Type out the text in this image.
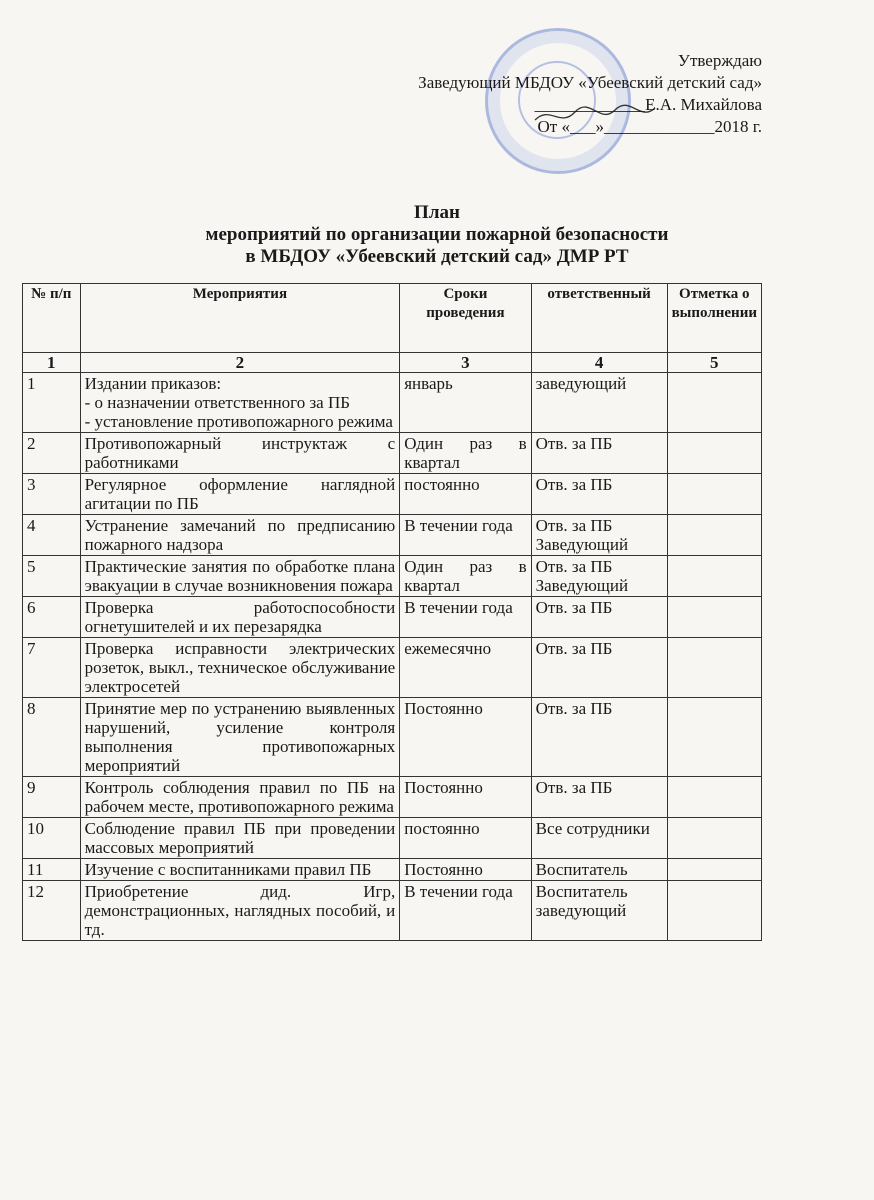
Утверждаю
Заведующий МБДОУ «Убеевский детский сад»
_____________Е.А. Михайлова
От «___»_____________2018 г.
План
мероприятий по организации пожарной безопасности
в МБДОУ «Убеевский детский сад» ДМР РТ
№ п/п	Мероприятия	Сроки проведения	ответственный	Отметка о выполнении
1	2	3	4	5
1	Издании приказов:
- о назначении ответственного за ПБ
- установление противопожарного режима	январь	заведующий	
2	Противопожарный инструктаж с работниками	Один раз в квартал	Отв. за ПБ	
3	Регулярное оформление наглядной агитации по ПБ	постоянно	Отв. за ПБ	
4	Устранение замечаний по предписанию пожарного надзора	В течении года	Отв. за ПБ
Заведующий	
5	Практические занятия по обработке плана эвакуации в случае возникновения пожара	Один раз в квартал	Отв. за ПБ
Заведующий	
6	Проверка работоспособности огнетушителей и их перезарядка	В течении года	Отв. за ПБ	
7	Проверка исправности электрических розеток, выкл., техническое обслуживание электросетей	ежемесячно	Отв. за ПБ	
8	Принятие мер по устранению выявленных нарушений, усиление контроля выполнения противопожарных мероприятий	Постоянно	Отв. за ПБ	
9	Контроль соблюдения правил по ПБ на рабочем месте, противопожарного режима	Постоянно	Отв. за ПБ	
10	Соблюдение правил ПБ при проведении массовых мероприятий	постоянно	Все сотрудники	
11	Изучение с воспитанниками правил ПБ	Постоянно	Воспитатель	
12	Приобретение дид. Игр, демонстрационных, наглядных пособий, и тд.	В течении года	Воспитатель заведующий	
